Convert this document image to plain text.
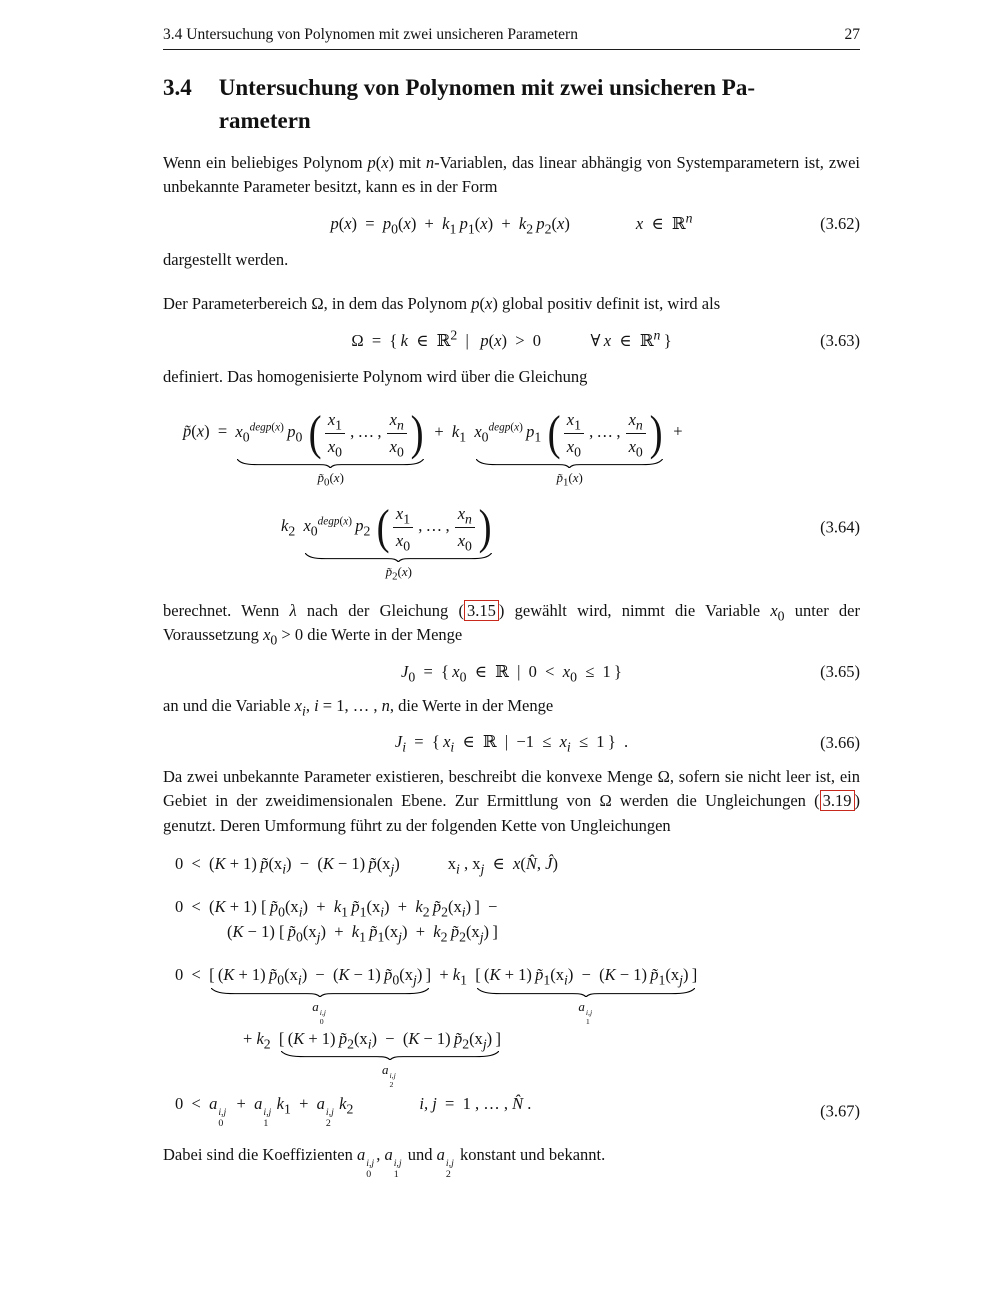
3.4 Untersuchung von Polynomen mit zwei unsicheren Parametern	27
3.4 Untersuchung von Polynomen mit zwei unsicheren Pa-
rametern

Wenn ein beliebiges Polynom p(x) mit n-Variablen, das linear abhängig von Systemparametern ist, zwei unbekannte Parameter besitzt, kann es in der Form

p(x) = $p_0(x)$ + $k_1$  $p_1(x)$ + $k_2$  $p_2(x)$    x ∈ ℝ$^n$	(3.62)

dargestellt werden.

Der Parameterbereich Ω, in dem das Polynom p(x) global positiv definit ist, wird als

Ω = { k ∈ ℝ$^2$ |  p(x) > 0   ∀ x ∈ ℝ$^n$ }	(3.63)

definiert. Das homogenisierte Polynom wird über die Gleichung

p̃(x) = $x_0^{degp(x)}$  $p_0$  ( $\frac{x_1}{x_0}$ , … , $\frac{x_n}{x_0}$ )
$p̃_0(x)$
 + $k_1$  $x_0^{degp(x)}$  $p_1$  ( $\frac{x_1}{x_0}$ , … , $\frac{x_n}{x_0}$ )
$p̃_1(x)$
 +
$k_2$  $x_0^{degp(x)}$  $p_2$  ( $\frac{x_1}{x_0}$ , … , $\frac{x_n}{x_0}$ )
$p̃_2(x)$
(3.64)

berechnet. Wenn λ nach der Gleichung ( 3.15 ) gewählt wird, nimmt die Variable $x_0$ unter der Voraussetzung $x_0 > 0$ die Werte in der Menge

$J_0$ = { $x_0$ ∈ ℝ | 0 < $x_0$ ≤ 1 }	(3.65)

an und die Variable $x_i$, i = 1, … , n, die Werte in der Menge

$J_i$ = { $x_i$ ∈ ℝ | −1 ≤ $x_i$ ≤ 1 } .	(3.66)

Da zwei unbekannte Parameter existieren, beschreibt die konvexe Menge Ω, sofern sie nicht leer ist, ein Gebiet in der zweidimensionalen Ebene. Zur Ermittlung von Ω werden die Ungleichungen ( 3.19 ) genutzt. Deren Umformung führt zu der folgenden Kette von Ungleichungen

0 < (K + 1) $p̃(x_i)$ − (K − 1) $p̃(x_j)$	$x_i$ , $x_j$ ∈ x(N̂, Ĵ)
0 < (K + 1) [ $p̃_0(x_i)$ + $k_1$  $p̃_1(x_i)$ + $k_2$  $p̃_2(x_i)$ ] −
(K − 1) [ $p̃_0(x_j)$ + $k_1$  $p̃_1(x_j)$ + $k_2$  $p̃_2(x_j)$ ]
0 < [ (K + 1) $p̃_0(x_i)$ − (K − 1) $p̃_0(x_j)$ ]
a i,j
0
 + $k_1$  [ (K + 1) $p̃_1(x_i)$ − (K − 1) $p̃_1(x_j)$ ]
a i,j
1
+ $k_2$  [ (K + 1) $p̃_2(x_i)$ − (K − 1) $p̃_2(x_j)$ ]
a i,j
2
0 < a i,j
0
 + a i,j
1
 $k_1$ + a i,j
2
 $k_2$	i, j = 1 , … , N̂ .	(3.67)

Dabei sind die Koeffizienten a i,j
0
, a i,j
1
und a i,j
2
konstant und bekannt.
